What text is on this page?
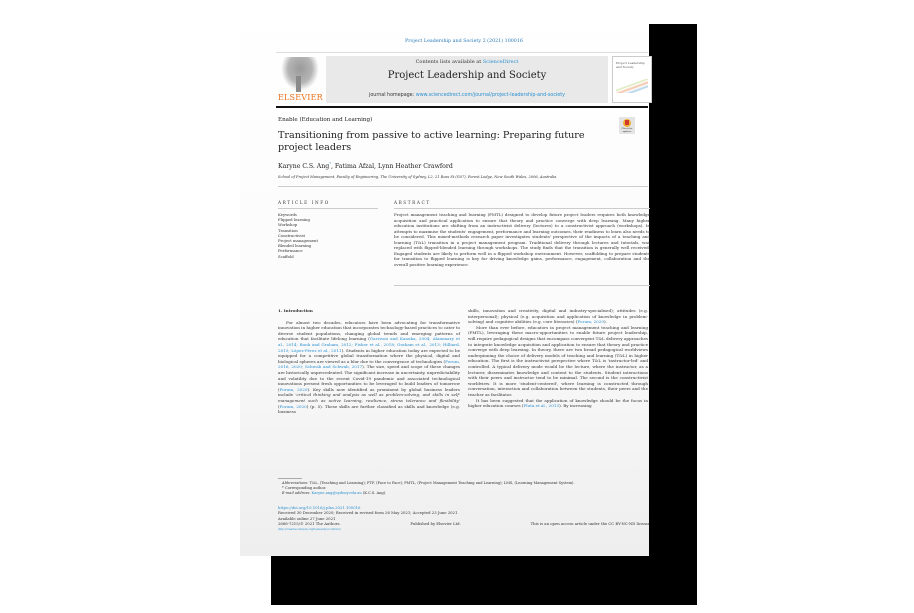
Project Leadership and Society 2 (2021) 100016
ELSEVIER
Contents lists available at ScienceDirect
Project Leadership and Society
journal homepage: www.sciencedirect.com/journal/project-leadership-and-society
Project Leadership and Society
Enable (Education and Learning)
Check for updates
Transitioning from passive to active learning: Preparing future project leaders
Karyne C.S. Ang*, Fatima Afzal, Lynn Heather Crawford
School of Project Management, Faculty of Engineering, The University of Sydney, L2, 21 Ross St (G07), Forest Lodge, New South Wales, 2006, Australia
ARTICLE INFO
Keywords
Flipped learning
Workshop
Transition
Constructivist
Project management
Blended learning
Performance
Scaffold
ABSTRACT
Project management teaching and learning (PMTL) designed to develop future project leaders requires both knowledge acquisition and practical application to ensure that theory and practice converge with deep learning. Many higher education institutions are shifting from an instructivist delivery (lectures) to a constructivist approach (workshops). In attempts to maximise the students' engagement, performance and learning outcomes, their readiness to learn also needs to be considered. This mixed-methods research paper investigates students' perspective of the impacts of a teaching and learning (T&L) transition in a project management program. Traditional delivery through lectures and tutorials, was replaced with flipped-blended learning through workshops. The study finds that the transition is generally well received. Engaged students are likely to perform well in a flipped workshop environment. However, scaffolding to prepare students for transition to flipped learning is key for driving knowledge gains, performance, engagement, collaboration and the overall positive learning experience.
1. Introduction

For almost two decades, educators have been advocating for transformative innovation in higher education that incorporates technology-based practices to cater to diverse student populations, changing global trends and emerging patterns of education that facilitate lifelong learning (Garrison and Kanuka, 2004; Alammary et al., 2014; Bonk and Graham, 2012; Fisher et al., 2018; Graham et al., 2013; Hilliard, 2015; López-Pérez et al., 2011). Students in higher education today are expected to be equipped for a competitive global transformation where the physical, digital and biological spheres are viewed as a blur due to the convergence of technologies (Forum, 2016, 2020; Schwab and Schwab, 2017). The size, speed and scope of these changes are historically unprecedented. The significant increase in uncertainty, unpredictability and volatility due to the recent Covid-19 pandemic and associated technological innovations present fresh opportunities to be leveraged to build leaders of tomorrow (Forum, 2020). Key skills now identified as prominent by global business leaders include 'critical thinking and analysis as well as problem-solving, and skills in self-management such as active learning, resilience, stress tolerance and flexibility' (Forum, 2020) (p. 5). These skills are further classified as skills and knowledge (e.g. business

skills, innovation and creativity, digital and industry-specialised); attitudes (e.g. interpersonal); physical (e.g. acquisition and application of knowledge in problem-solving) and cognitive abilities (e.g. core literacies) (Forum, 2020).

More than ever before, educators in project management teaching and learning (PMTL), leveraging these macro-opportunities to enable future project leadership, will require pedagogical designs that encompass convergent T&L delivery approaches to integrate knowledge acquisition and application to ensure that theory and practice converge with deep learning. In theory, there are two broad pedagogical worldviews underpinning the choice of delivery models of teaching and learning (T&L) in higher education. The first is the instructivist perspective where T&L is 'instructor-led' and controlled. A typical delivery mode would be the lecture, where the instructor, as a lecturer, disseminates knowledge and content to the students. Student interactions with their peers and instructor tend to be minimal. The second is the constructivist worldview. It is more 'student-centered', where learning is constructed through conversation, interaction and collaboration between the students, their peers and the teacher as facilitator.

It has been suggested that the application of knowledge should be the focus in higher education courses (Pluta et al., 2013). By increasing

Abbreviations: T&L, (Teaching and Learning); FTF, (Face to Face); PMTL, (Project Management Teaching and Learning); LMS, (Learning Management System).
* Corresponding author.
E-mail address: Karyne.ang@sydney.edu.au (K.C.S. Ang).
https://doi.org/10.1016/j.plas.2021.100016
Received 30 December 2020; Received in revised form 26 May 2021; Accepted 23 June 2021
Available online 27 June 2021
2666-7215/© 2021 The Authors.	Published by Elsevier Ltd.	This is an open access article under the CC BY-NC-ND license
(http://creativecommons.org/licenses/by-nc-nd/4.0/).
